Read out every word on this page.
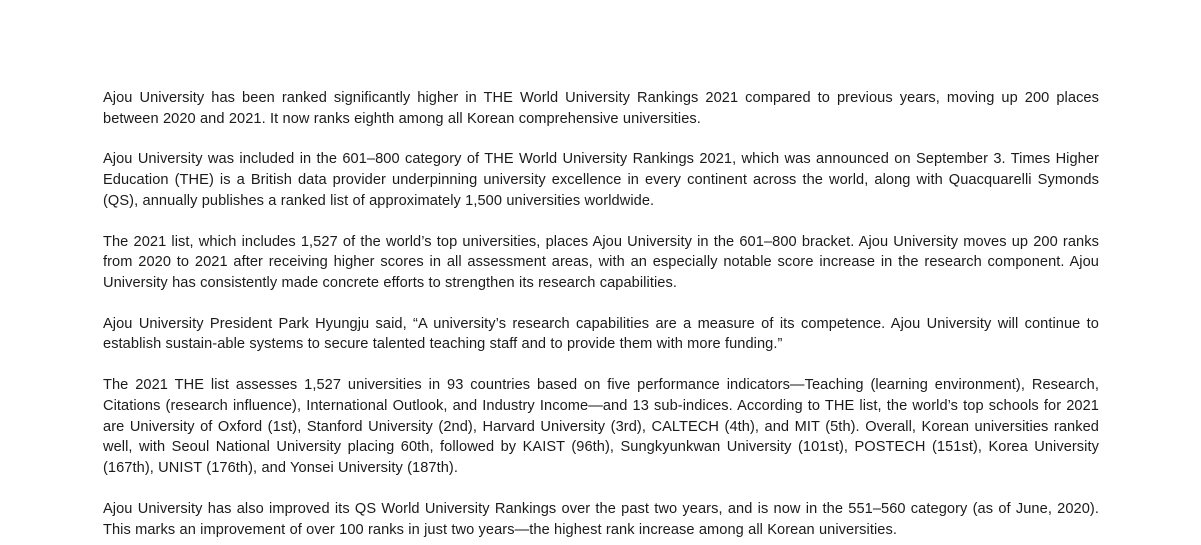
Ajou University has been ranked significantly higher in THE World University Rankings 2021 compared to previous years, moving up 200 places between 2020 and 2021. It now ranks eighth among all Korean comprehensive universities.

Ajou University was included in the 601–800 category of THE World University Rankings 2021, which was announced on September 3. Times Higher Education (THE) is a British data provider underpinning university excellence in every continent across the world, along with Quacquarelli Symonds (QS), annually publishes a ranked list of approximately 1,500 universities worldwide.

The 2021 list, which includes 1,527 of the world’s top universities, places Ajou University in the 601–800 bracket. Ajou University moves up 200 ranks from 2020 to 2021 after receiving higher scores in all assessment areas, with an especially notable score increase in the research component. Ajou University has consistently made concrete efforts to strengthen its research capabilities.

Ajou University President Park Hyungju said, “A university’s research capabilities are a measure of its competence. Ajou University will continue to establish sustain-able systems to secure talented teaching staff and to provide them with more funding.”

The 2021 THE list assesses 1,527 universities in 93 countries based on five performance indicators—Teaching (learning environment), Research, Citations (research influence), International Outlook, and Industry Income—and 13 sub-indices. According to THE list, the world’s top schools for 2021 are University of Oxford (1st), Stanford University (2nd), Harvard University (3rd), CALTECH (4th), and MIT (5th). Overall, Korean universities ranked well, with Seoul National University placing 60th, followed by KAIST (96th), Sungkyunkwan University (101st), POSTECH (151st), Korea University (167th), UNIST (176th), and Yonsei University (187th).

Ajou University has also improved its QS World University Rankings over the past two years, and is now in the 551–560 category (as of June, 2020). This marks an improvement of over 100 ranks in just two years—the highest rank increase among all Korean universities.
